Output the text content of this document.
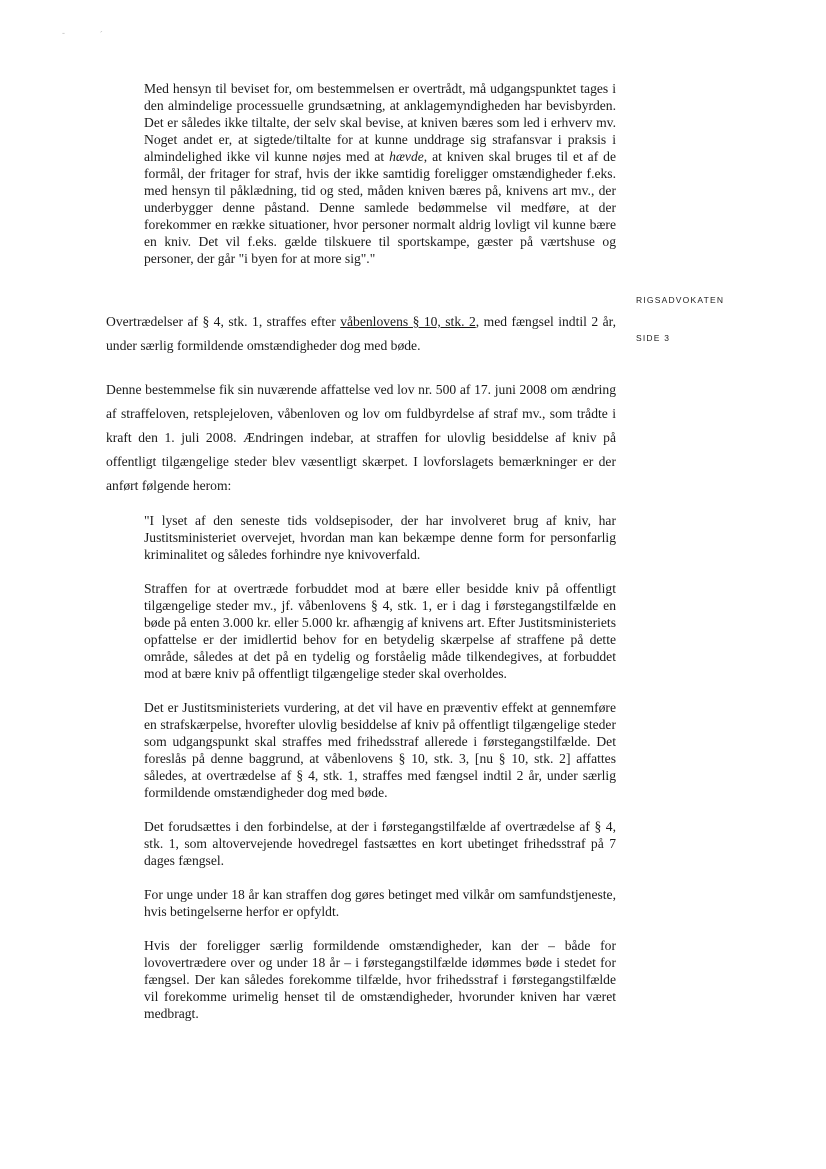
-	´
RIGSADVOKATEN
SIDE 3

Med hensyn til beviset for, om bestemmelsen er overtrådt, må udgangspunktet tages i den almindelige processuelle grundsætning, at anklagemyndigheden har bevisbyrden. Det er således ikke tiltalte, der selv skal bevise, at kniven bæres som led i erhverv mv. Noget andet er, at sigtede/tiltalte for at kunne unddrage sig strafansvar i praksis i almindelighed ikke vil kunne nøjes med at hævde, at kniven skal bruges til et af de formål, der fritager for straf, hvis der ikke samtidig foreligger omstændigheder f.eks. med hensyn til påklædning, tid og sted, måden kniven bæres på, knivens art mv., der underbygger denne påstand. Denne samlede bedømmelse vil medføre, at der forekommer en række situationer, hvor personer normalt aldrig lovligt vil kunne bære en kniv. Det vil f.eks. gælde tilskuere til sportskampe, gæster på værtshuse og personer, der går "i byen for at more sig"."

Overtrædelser af § 4, stk. 1, straffes efter våbenlovens § 10, stk. 2, med fængsel indtil 2 år, under særlig formildende omstændigheder dog med bøde.

Denne bestemmelse fik sin nuværende affattelse ved lov nr. 500 af 17. juni 2008 om ændring af straffeloven, retsplejeloven, våbenloven og lov om fuldbyrdelse af straf mv., som trådte i kraft den 1. juli 2008. Ændringen indebar, at straffen for ulovlig besiddelse af kniv på offentligt tilgængelige steder blev væsentligt skærpet. I lovforslagets bemærkninger er der anført følgende herom:

"I lyset af den seneste tids voldsepisoder, der har involveret brug af kniv, har Justitsministeriet overvejet, hvordan man kan bekæmpe denne form for personfarlig kriminalitet og således forhindre nye knivoverfald.

Straffen for at overtræde forbuddet mod at bære eller besidde kniv på offentligt tilgængelige steder mv., jf. våbenlovens § 4, stk. 1, er i dag i førstegangstilfælde en bøde på enten 3.000 kr. eller 5.000 kr. afhængig af knivens art. Efter Justitsministeriets opfattelse er der imidlertid behov for en betydelig skærpelse af straffene på dette område, således at det på en tydelig og forståelig måde tilkendegives, at forbuddet mod at bære kniv på offentligt tilgængelige steder skal overholdes.

Det er Justitsministeriets vurdering, at det vil have en præventiv effekt at gennemføre en strafskærpelse, hvorefter ulovlig besiddelse af kniv på offentligt tilgængelige steder som udgangspunkt skal straffes med frihedsstraf allerede i førstegangstilfælde. Det foreslås på denne baggrund, at våbenlovens § 10, stk. 3, [nu § 10, stk. 2] affattes således, at overtrædelse af § 4, stk. 1, straffes med fængsel indtil 2 år, under særlig formildende omstændigheder dog med bøde.

Det forudsættes i den forbindelse, at der i førstegangstilfælde af overtrædelse af § 4, stk. 1, som altovervejende hovedregel fastsættes en kort ubetinget frihedsstraf på 7 dages fængsel.

For unge under 18 år kan straffen dog gøres betinget med vilkår om samfundstjeneste, hvis betingelserne herfor er opfyldt.

Hvis der foreligger særlig formildende omstændigheder, kan der – både for lovovertrædere over og under 18 år – i førstegangstilfælde idømmes bøde i stedet for fængsel. Der kan således forekomme tilfælde, hvor frihedsstraf i førstegangstilfælde vil forekomme urimelig henset til de omstændigheder, hvorunder kniven har været medbragt.
